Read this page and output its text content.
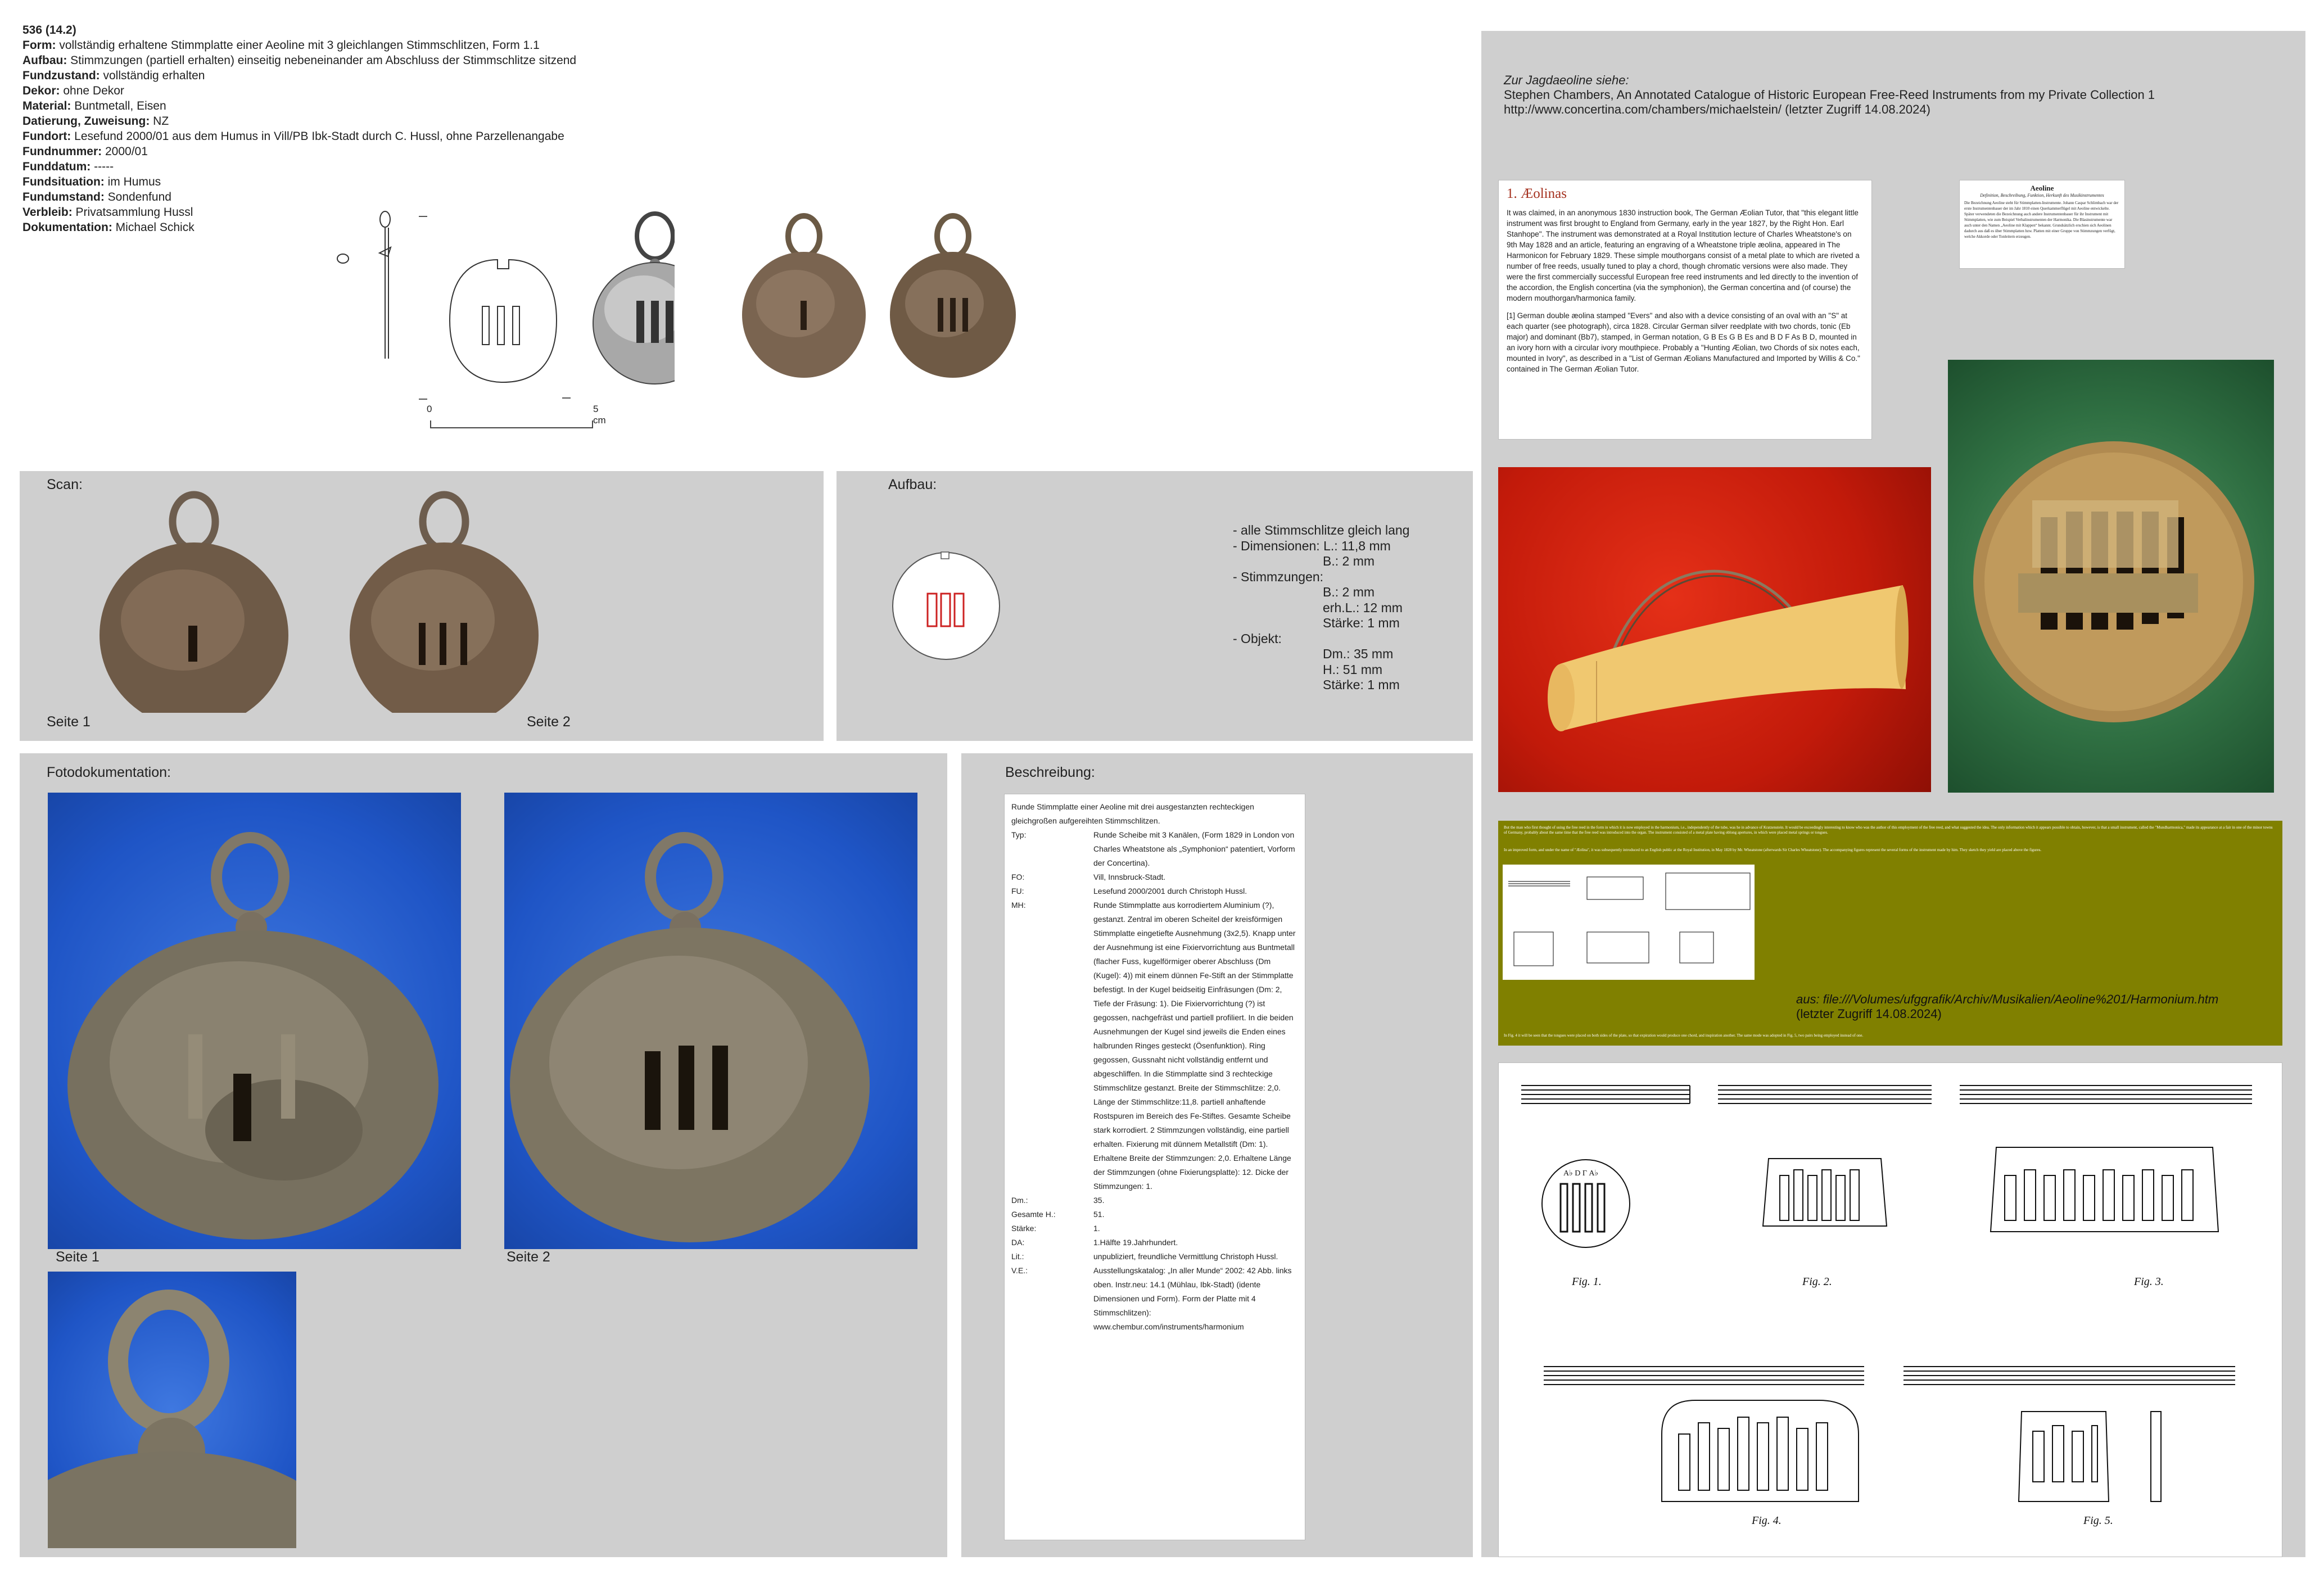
536 (14.2)
Form: vollständig erhaltene Stimmplatte einer Aeoline mit 3 gleichlangen Stimmschlitzen, Form 1.1
Aufbau: Stimmzungen (partiell erhalten) einseitig nebeneinander am Abschluss der Stimmschlitze sitzend
Fundzustand: vollständig erhalten
Dekor: ohne Dekor
Material: Buntmetall, Eisen
Datierung, Zuweisung: NZ
Fundort: Lesefund 2000/01 aus dem Humus in Vill/PB Ibk-Stadt durch C. Hussl, ohne Parzellenangabe
Fundnummer: 2000/01
Funddatum: -----
Fundsituation: im Humus
Fundumstand: Sondenfund
Verbleib: Privatsammlung Hussl
Dokumentation: Michael Schick
0	5 cm
Scan:
Seite 1	Seite 2
Aufbau:
- alle Stimmschlitze gleich lang
- Dimensionen: L.: 11,8 mm
B.: 2 mm
- Stimmzungen:
B.: 2 mm
erh.L.: 12 mm
Stärke: 1 mm
- Objekt:
Dm.: 35 mm
H.: 51 mm
Stärke: 1 mm
Fotodokumentation:
Seite 1	Seite 2
Beschreibung:
Runde Stimmplatte einer Aeoline mit drei ausgestanzten rechteckigen gleichgroßen aufgereihten Stimmschlitzen.
Typ:	Runde Scheibe mit 3 Kanälen, (Form 1829 in London von Charles Wheatstone als „Symphonion“ patentiert, Vorform der Concertina).
FO:	Vill, Innsbruck-Stadt.
FU:	Lesefund 2000/2001 durch Christoph Hussl.
MH:	Runde Stimmplatte aus korrodiertem Aluminium (?), gestanzt. Zentral im oberen Scheitel der kreisförmigen Stimmplatte eingetiefte Ausnehmung (3x2,5). Knapp unter der Ausnehmung ist eine Fixiervorrichtung aus Buntmetall (flacher Fuss, kugelförmiger oberer Abschluss (Dm (Kugel): 4)) mit einem dünnen Fe-Stift an der Stimmplatte befestigt. In der Kugel beidseitig Einfräsungen (Dm: 2, Tiefe der Fräsung: 1). Die Fixiervorrichtung (?) ist gegossen, nachgefräst und partiell profiliert. In die beiden Ausnehmungen der Kugel sind jeweils die Enden eines halbrunden Ringes gesteckt (Ösenfunktion). Ring gegossen, Gussnaht nicht vollständig entfernt und abgeschliffen. In die Stimmplatte sind 3 rechteckige Stimmschlitze gestanzt. Breite der Stimmschlitze: 2,0. Länge der Stimmschlitze:11,8. partiell anhaftende Rostspuren im Bereich des Fe-Stiftes. Gesamte Scheibe stark korrodiert. 2 Stimmzungen vollständig, eine partiell erhalten. Fixierung mit dünnem Metallstift (Dm: 1). Erhaltene Breite der Stimmzungen: 2,0. Erhaltene Länge der Stimmzungen (ohne Fixierungsplatte): 12. Dicke der Stimmzungen: 1.
Dm.:	35.
Gesamte H.:	51.
Stärke:	1.
DA:	1.Hälfte 19.Jahrhundert.
Lit.:	unpubliziert, freundliche Vermittlung Christoph Hussl.
V.E.:	Ausstellungskatalog: „In aller Munde“ 2002: 42 Abb. links oben. Instr.neu: 14.1 (Mühlau, Ibk-Stadt) (idente Dimensionen und Form). Form der Platte mit 4 Stimmschlitzen): www.chembur.com/instruments/harmonium
Zur Jagdaeoline siehe:
Stephen Chambers, An Annotated Catalogue of Historic European Free-Reed Instruments from my Private Collection 1
http://www.concertina.com/chambers/michaelstein/ (letzter Zugriff 14.08.2024)
1. Æolinas
It was claimed, in an anonymous 1830 instruction book, The German Æolian Tutor, that "this elegant little instrument was first brought to England from Germany, early in the year 1827, by the Right Hon. Earl Stanhope". The instrument was demonstrated at a Royal Institution lecture of Charles Wheatstone's on 9th May 1828 and an article, featuring an engraving of a Wheatstone triple æolina, appeared in The Harmonicon for February 1829. These simple mouthorgans consist of a metal plate to which are riveted a number of free reeds, usually tuned to play a chord, though chromatic versions were also made. They were the first commercially successful European free reed instruments and led directly to the invention of the accordion, the English concertina (via the symphonion), the German concertina and (of course) the modern mouthorgan/harmonica family.
[1] German double æolina stamped "Evers" and also with a device consisting of an oval with an "S" at each quarter (see photograph), circa 1828. Circular German silver reedplate with two chords, tonic (Eb major) and dominant (Bb7), stamped, in German notation, G B Es G B Es and B D F As B D, mounted in an ivory horn with a circular ivory mouthpiece. Probably a "Hunting Æolian, two Chords of six notes each, mounted in Ivory", as described in a "List of German Æolians Manufactured and Imported by Willis & Co." contained in The German Æolian Tutor.
Aeoline
Definition, Beschreibung, Funktion, Herkunft des Musikinstrumentes
Die Bezeichnung Aeoline steht für Stimmplatten-Instrumente. Johann Caspar Schlimbach war der erste Instrumentenbauer der im Jahr 1810 einen Querkammerflügel mit Aeoline entwickelte. Später verwendeten die Bezeichnung auch andere Instrumentenbauer für ihr Instrument mit Stimmplatten, wie zum Beispiel Verbalinstrumenten der Harmonika. Die Blasinstrumente war auch unter den Namen „Aeoline mit Klappen“ bekannt. Grundsätzlich erschien sich Aeolinen dadurch aus daß es über Stimmplatten bzw. Platten mit einer Gruppe von Stimmzungen verfügt, welche Akkorde oder Tonleitern erzeugen.
But the man who first thought of using the free reed in the form in which it is now employed in the harmonium, i.e., independently of the tube, was he in advance of Kratzenstein. It would be exceedingly interesting to know who was the author of this employment of the free reed, and what suggested the idea. The only information which it appears possible to obtain, however, is that a small instrument, called the "Mundharmonica," made its appearance at a fair in one of the minor towns of Germany, probably about the same time that the free reed was introduced into the organ. The instrument consisted of a metal plate having oblong apertures, in which were placed metal springs or tongues.
In an improved form, and under the name of "Æolina", it was subsequently introduced to an English public at the Royal Institution, in May 1828 by Mr. Wheatstone (afterwards Sir Charles Wheatstone). The accompanying figures represent the several forms of the instrument made by him. They sketch they yield are placed above the figures.
aus: file:///Volumes/ufggrafik/Archiv/Musikalien/Aeoline%201/Harmonium.htm
(letzter Zugriff 14.08.2024)
In Fig. 4 it will be seen that the tongues were placed on both sides of the plate, so that expiration would produce one chord, and inspiration another. The same mode was adopted in Fig. 5, two pairs being employed instead of one.
Fig. 1.	Fig. 2.	Fig. 3.
Fig. 4.	Fig. 5.
A♭ D Γ A♭
